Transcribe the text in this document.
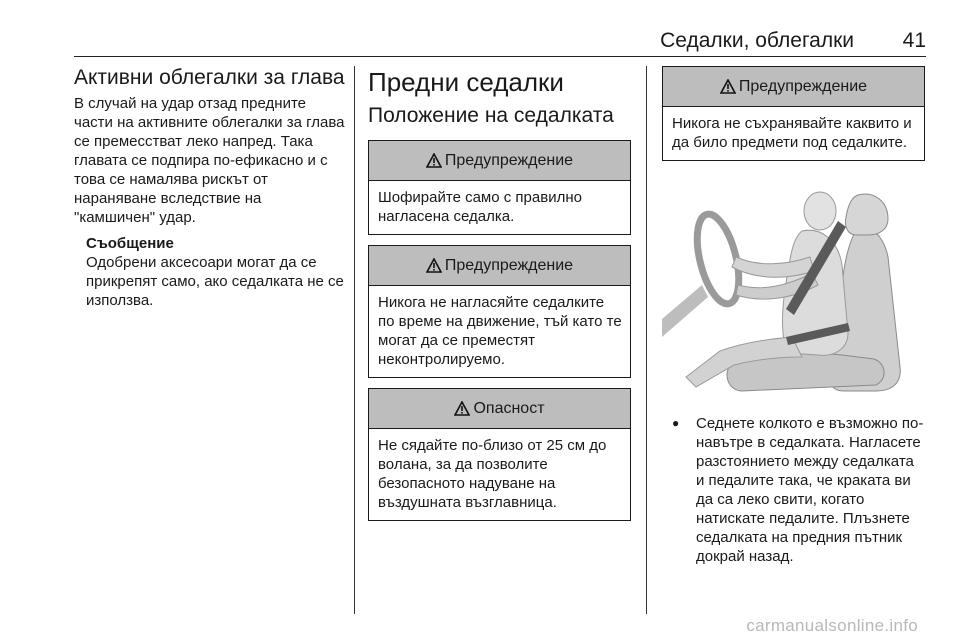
Седалки, облегалки 41
Активни облегалки за глава

В случай на удар отзад предните части на активните облегалки за глава се премесстват леко напред. Така главата се подпира по-ефикасно и с това се намалява рискът от нараняване вследствие на "камшичен" удар.

Съобщение
Одобрени аксесоари могат да се прикрепят само, ако седалката не се използва.
Предни седалки
Положение на седалката
Предупреждение
Шофирайте само с правилно нагласена седалка.
Предупреждение
Никога не нагласяйте седалките по време на движение, тъй като те могат да се преместят неконтролируемо.
Опасност
Не сядайте по-близо от 25 см до волана, за да позволите безопасното надуване на въздушната възглавница.
Предупреждение
Никога не съхранявайте каквито и да било предмети под седалките.
●	Седнете колкото е възможно по-навътре в седалката. Нагласете разстоянието между седалката и педалите така, че краката ви да са леко свити, когато натискате педалите. Плъзнете седалката на предния пътник докрай назад.
carmanualsonline.info
